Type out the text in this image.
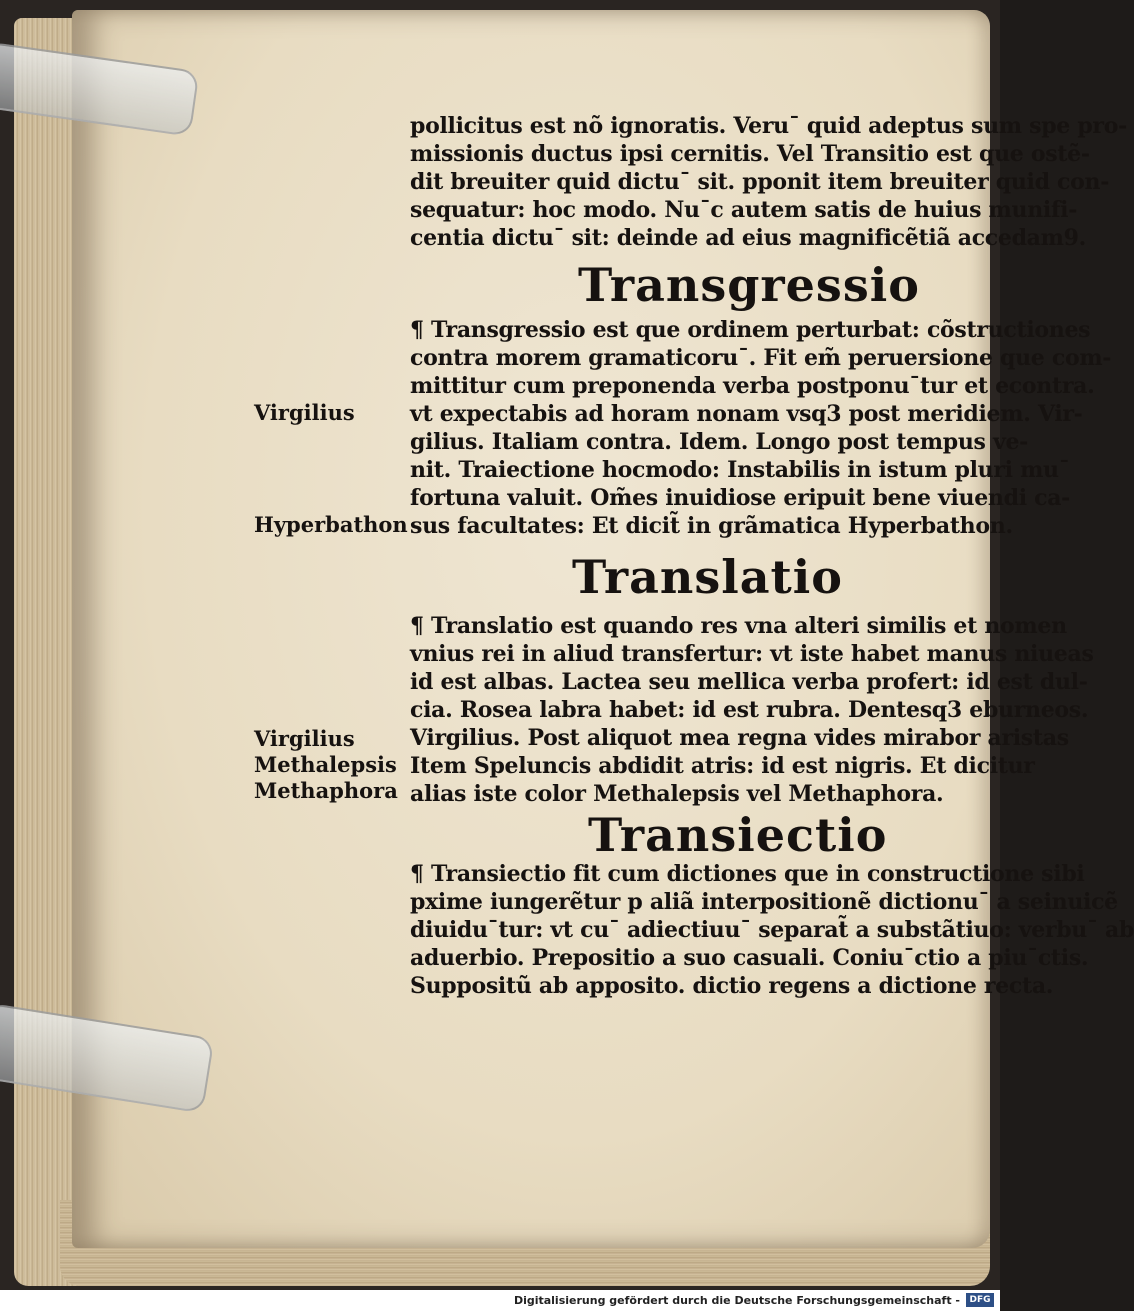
pollicitus est nõ ignoratis. Veruˉ quid adeptus sum spe pro-
missionis ductus ipsi cernitis. Vel Transitio est que ostẽ-
dit breuiter quid dictuˉ sit. pponit item breuiter quid con-
sequatur: hoc modo. Nuˉc autem satis de huius munifi-
centia dictuˉ sit: deinde ad eius magnificẽtiã accedam9.
Transgressio
¶ Transgressio est que ordinem perturbat: cõstructiones
contra morem gramaticoruˉ. Fit em̃ peruersione que com-
mittitur cum preponenda verba postponuˉtur et econtra.
vt expectabis ad horam nonam vsq3 post meridiem. Vir-
gilius. Italiam contra. Idem. Longo post tempus ve-
nit. Traiectione hocmodo: Instabilis in istum pluri muˉ
fortuna valuit. Om̃es inuidiose eripuit bene viuendi ca-
sus facultates: Et dicit̃ in grãmatica Hyperbathon.
Virgilius
Hyperbathon
Translatio
¶ Translatio est quando res vna alteri similis et nomen
vnius rei in aliud transfertur: vt iste habet manus niueas
id est albas. Lactea seu mellica verba profert: id est dul-
cia. Rosea labra habet: id est rubra. Dentesq3 eburneos.
Virgilius. Post aliquot mea regna vides mirabor aristas
Item Speluncis abdidit atris: id est nigris. Et dicitur
alias iste color Methalepsis vel Methaphora.
Virgilius
Methalepsis
Methaphora
Transiectio
¶ Transiectio fit cum dictiones que in constructione sibi
pxime iungerẽtur p aliã interpositionẽ dictionuˉ a seinuicẽ
diuiduˉtur: vt cuˉ adiectiuuˉ separat̃ a substãtiuo: verbuˉ ab
aduerbio. Prepositio a suo casuali. Coniuˉctio a piuˉctis.
Suppositũ ab apposito. dictio regens a dictione recta.
Digitalisierung gefördert durch die Deutsche Forschungsgemeinschaft -	DFG
